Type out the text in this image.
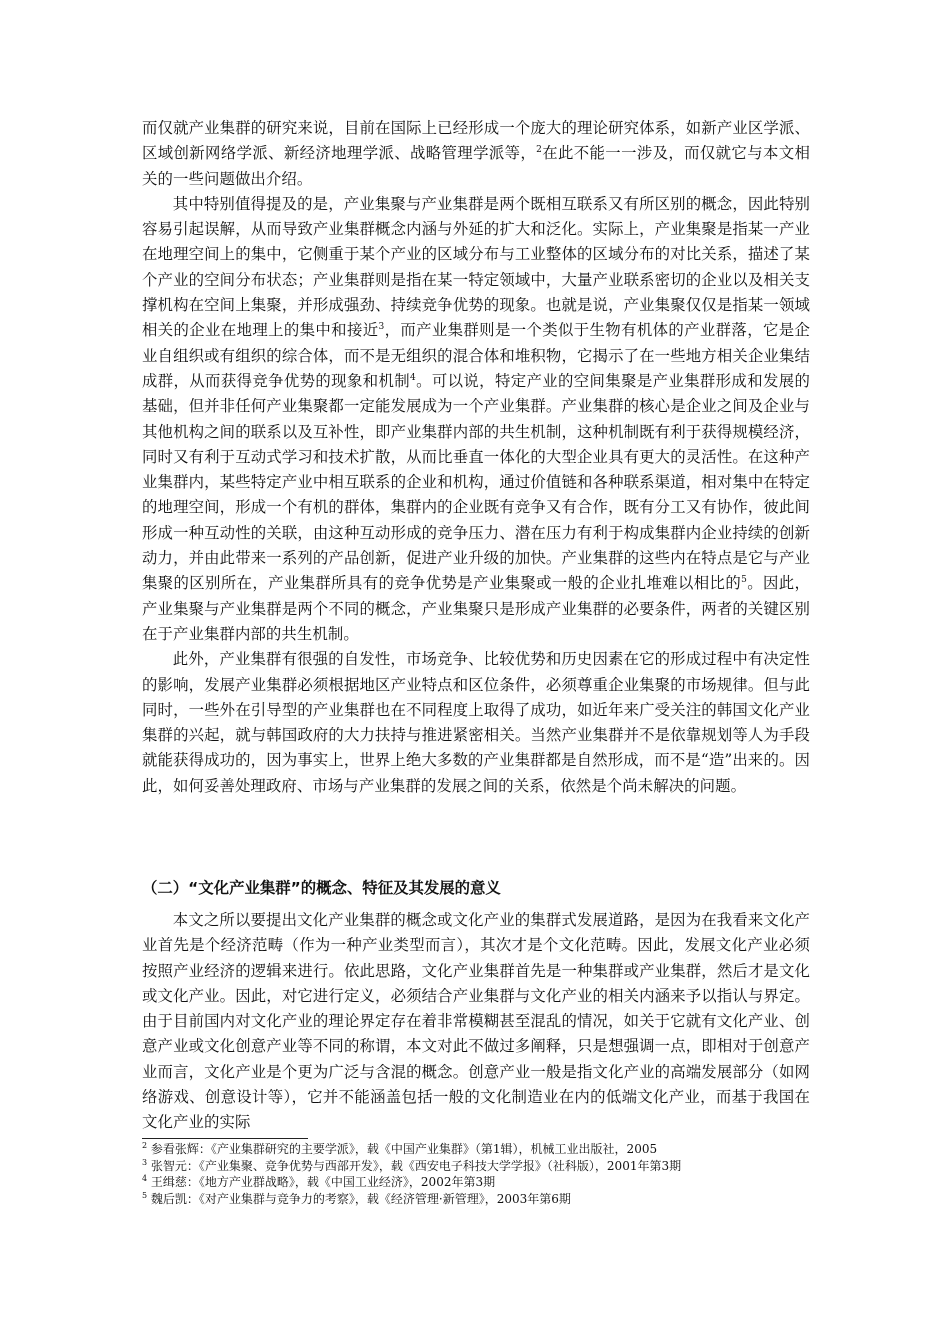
而仅就产业集群的研究来说，目前在国际上已经形成一个庞大的理论研究体系，如新产业区学派、区域创新网络学派、新经济地理学派、战略管理学派等，$^2$在此不能一一涉及，而仅就它与本文相关的一些问题做出介绍。

其中特别值得提及的是，产业集聚与产业集群是两个既相互联系又有所区别的概念，因此特别容易引起误解，从而导致产业集群概念内涵与外延的扩大和泛化。实际上，产业集聚是指某一产业在地理空间上的集中，它侧重于某个产业的区域分布与工业整体的区域分布的对比关系，描述了某个产业的空间分布状态；产业集群则是指在某一特定领域中，大量产业联系密切的企业以及相关支撑机构在空间上集聚，并形成强劲、持续竞争优势的现象。也就是说，产业集聚仅仅是指某一领域相关的企业在地理上的集中和接近$^3$，而产业集群则是一个类似于生物有机体的产业群落，它是企业自组织或有组织的综合体，而不是无组织的混合体和堆积物，它揭示了在一些地方相关企业集结成群，从而获得竞争优势的现象和机制$^4$。可以说，特定产业的空间集聚是产业集群形成和发展的基础，但并非任何产业集聚都一定能发展成为一个产业集群。产业集群的核心是企业之间及企业与其他机构之间的联系以及互补性，即产业集群内部的共生机制，这种机制既有利于获得规模经济，同时又有利于互动式学习和技术扩散，从而比垂直一体化的大型企业具有更大的灵活性。在这种产业集群内，某些特定产业中相互联系的企业和机构，通过价值链和各种联系渠道，相对集中在特定的地理空间，形成一个有机的群体，集群内的企业既有竞争又有合作，既有分工又有协作，彼此间形成一种互动性的关联，由这种互动形成的竞争压力、潜在压力有利于构成集群内企业持续的创新动力，并由此带来一系列的产品创新，促进产业升级的加快。产业集群的这些内在特点是它与产业集聚的区别所在，产业集群所具有的竞争优势是产业集聚或一般的企业扎堆难以相比的$^5$。因此，产业集聚与产业集群是两个不同的概念，产业集聚只是形成产业集群的必要条件，两者的关键区别在于产业集群内部的共生机制。

此外，产业集群有很强的自发性，市场竞争、比较优势和历史因素在它的形成过程中有决定性的影响，发展产业集群必须根据地区产业特点和区位条件，必须尊重企业集聚的市场规律。但与此同时，一些外在引导型的产业集群也在不同程度上取得了成功，如近年来广受关注的韩国文化产业集群的兴起，就与韩国政府的大力扶持与推进紧密相关。当然产业集群并不是依靠规划等人为手段就能获得成功的，因为事实上，世界上绝大多数的产业集群都是自然形成，而不是“造”出来的。因此，如何妥善处理政府、市场与产业集群的发展之间的关系，依然是个尚未解决的问题。

（二）“文化产业集群”的概念、特征及其发展的意义

本文之所以要提出文化产业集群的概念或文化产业的集群式发展道路，是因为在我看来文化产业首先是个经济范畴（作为一种产业类型而言），其次才是个文化范畴。因此，发展文化产业必须按照产业经济的逻辑来进行。依此思路，文化产业集群首先是一种集群或产业集群，然后才是文化或文化产业。因此，对它进行定义，必须结合产业集群与文化产业的相关内涵来予以指认与界定。由于目前国内对文化产业的理论界定存在着非常模糊甚至混乱的情况，如关于它就有文化产业、创意产业或文化创意产业等不同的称谓，本文对此不做过多阐释，只是想强调一点，即相对于创意产业而言，文化产业是个更为广泛与含混的概念。创意产业一般是指文化产业的高端发展部分（如网络游戏、创意设计等），它并不能涵盖包括一般的文化制造业在内的低端文化产业，而基于我国在文化产业的实际

$^2$ 参看张辉：《产业集群研究的主要学派》，载《中国产业集群》（第1辑），机械工业出版社，2005

$^3$ 张智元：《产业集聚、竞争优势与西部开发》，载《西安电子科技大学学报》（社科版），2001年第3期

$^4$ 王缉慈：《地方产业群战略》，载《中国工业经济》，2002年第3期

$^5$ 魏后凯：《对产业集群与竞争力的考察》，载《经济管理·新管理》，2003年第6期
